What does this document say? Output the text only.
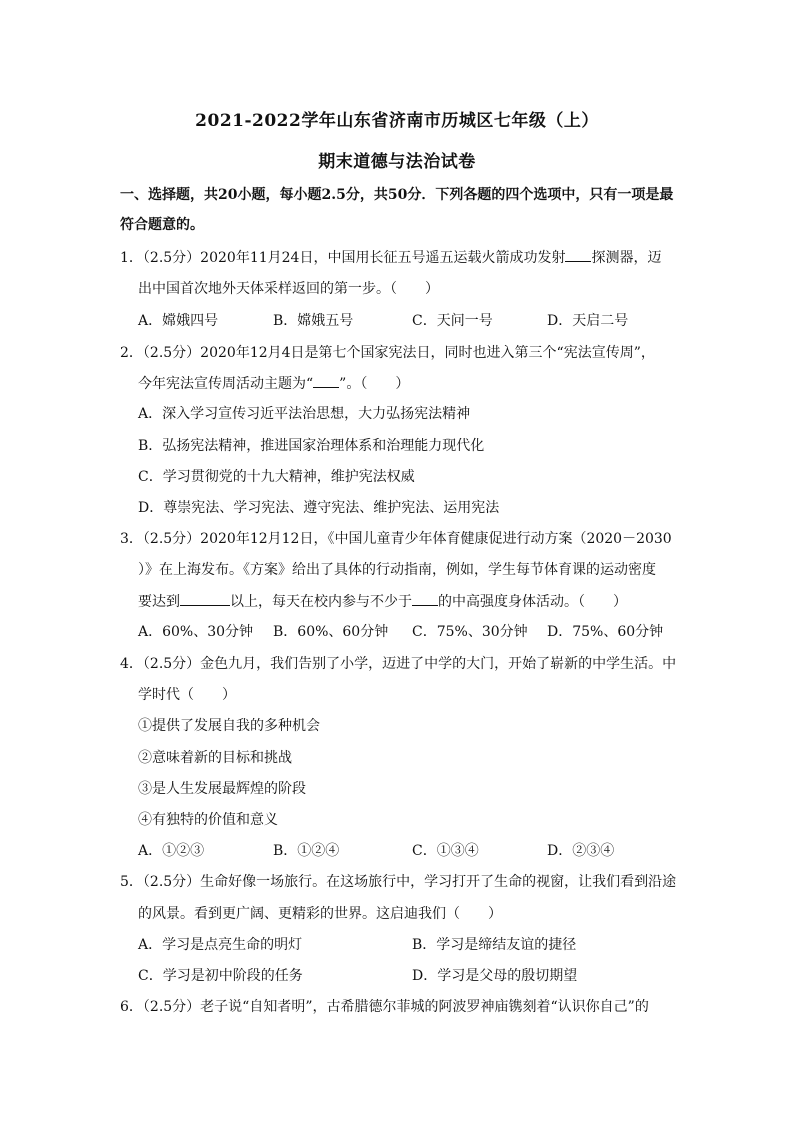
2021-2022学年山东省济南市历城区七年级（上）
期末道德与法治试卷
一、选择题，共20小题，每小题2.5分，共50分．下列各题的四个选项中，只有一项是最
符合题意的。
1．（2.5分）2020年11月24日，中国用长征五号遥五运载火箭成功发射 探测器，迈
出中国首次地外天体采样返回的第一步。（　　）
A．嫦娥四号	B．嫦娥五号	C．天问一号	D．天启二号
2．（2.5分）2020年12月4日是第七个国家宪法日，同时也进入第三个“宪法宣传周”，
今年宪法宣传周活动主题为“ ”。（　　）
A．深入学习宣传习近平法治思想，大力弘扬宪法精神
B．弘扬宪法精神，推进国家治理体系和治理能力现代化
C．学习贯彻党的十九大精神，维护宪法权威
D．尊崇宪法、学习宪法、遵守宪法、维护宪法、运用宪法
3．（2.5分）2020年12月12日，《中国儿童青少年体育健康促进行动方案（2020－2030
）》在上海发布。《方案》给出了具体的行动指南，例如，学生每节体育课的运动密度
要达到	以上，每天在校内参与不少于 的中高强度身体活动。（　　）
A．60%、30分钟 B．60%、60分钟 C．75%、30分钟 D．75%、60分钟
4．（2.5分）金色九月，我们告别了小学，迈进了中学的大门，开始了崭新的中学生活。中
学时代（　　）
①提供了发展自我的多种机会
②意味着新的目标和挑战
③是人生发展最辉煌的阶段
④有独特的价值和意义
A．①②③	B．①②④	C．①③④	D．②③④
5．（2.5分）生命好像一场旅行。在这场旅行中，学习打开了生命的视窗，让我们看到沿途
的风景。看到更广阔、更精彩的世界。这启迪我们（　　）
A．学习是点亮生命的明灯	B．学习是缔结友谊的捷径
C．学习是初中阶段的任务	D．学习是父母的殷切期望
6．（2.5分）老子说“自知者明”，古希腊德尔菲城的阿波罗神庙镌刻着“认识你自己”的
